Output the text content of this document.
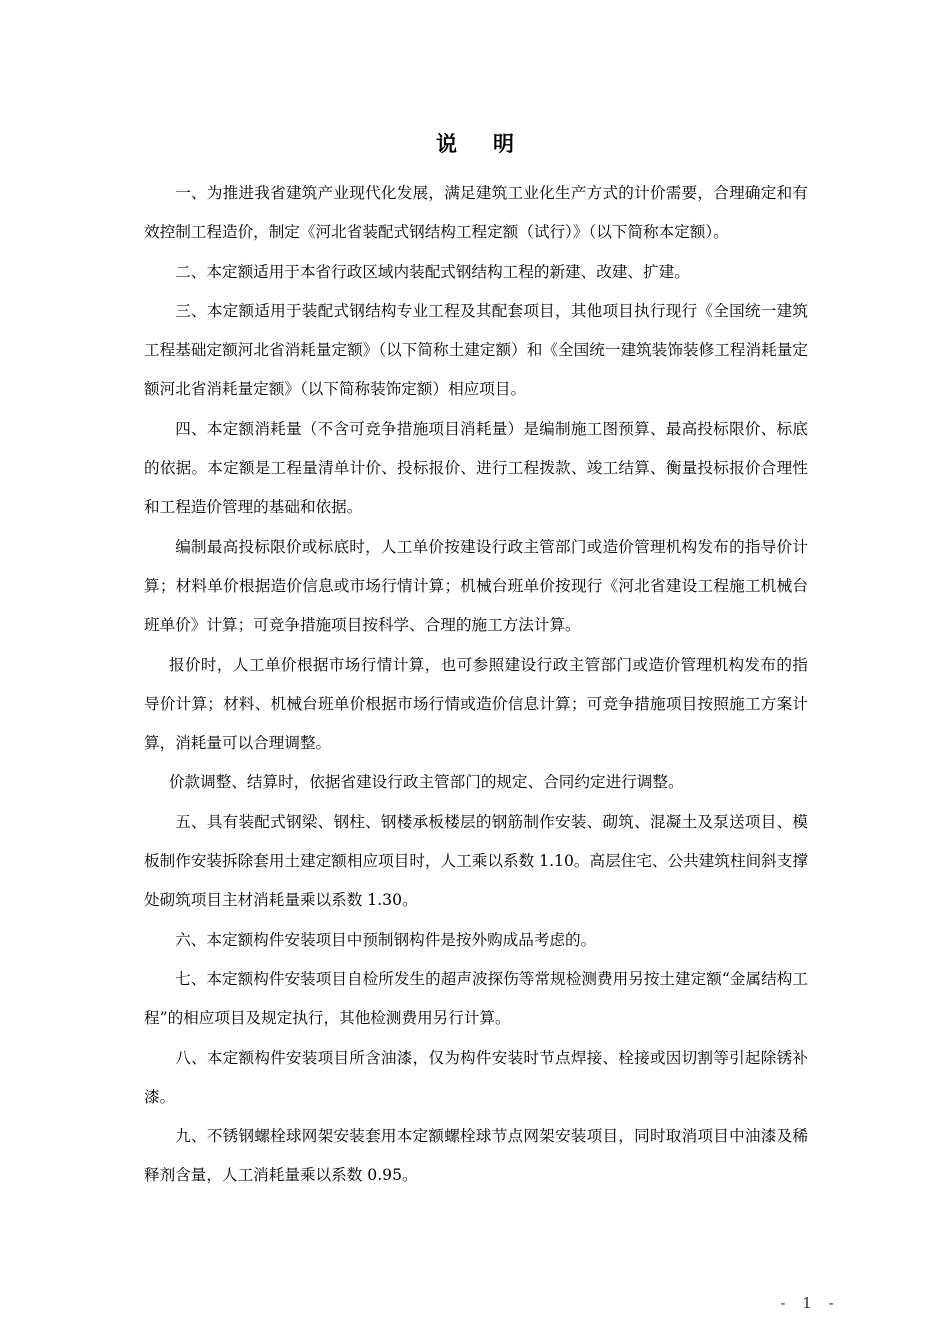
说明

一、为推进我省建筑产业现代化发展，满足建筑工业化生产方式的计价需要，合理确定和有效控制工程造价，制定《河北省装配式钢结构工程定额（试行）》（以下简称本定额）。

二、本定额适用于本省行政区域内装配式钢结构工程的新建、改建、扩建。

三、本定额适用于装配式钢结构专业工程及其配套项目，其他项目执行现行《全国统一建筑工程基础定额河北省消耗量定额》（以下简称土建定额）和《全国统一建筑装饰装修工程消耗量定额河北省消耗量定额》（以下简称装饰定额）相应项目。

四、本定额消耗量（不含可竞争措施项目消耗量）是编制施工图预算、最高投标限价、标底的依据。本定额是工程量清单计价、投标报价、进行工程拨款、竣工结算、衡量投标报价合理性和工程造价管理的基础和依据。

编制最高投标限价或标底时，人工单价按建设行政主管部门或造价管理机构发布的指导价计算；材料单价根据造价信息或市场行情计算；机械台班单价按现行《河北省建设工程施工机械台班单价》计算；可竞争措施项目按科学、合理的施工方法计算。

报价时，人工单价根据市场行情计算，也可参照建设行政主管部门或造价管理机构发布的指导价计算；材料、机械台班单价根据市场行情或造价信息计算；可竞争措施项目按照施工方案计算，消耗量可以合理调整。

价款调整、结算时，依据省建设行政主管部门的规定、合同约定进行调整。

五、具有装配式钢梁、钢柱、钢楼承板楼层的钢筋制作安装、砌筑、混凝土及泵送项目、模板制作安装拆除套用土建定额相应项目时，人工乘以系数 1.10。高层住宅、公共建筑柱间斜支撑处砌筑项目主材消耗量乘以系数 1.30。

六、本定额构件安装项目中预制钢构件是按外购成品考虑的。

七、本定额构件安装项目自检所发生的超声波探伤等常规检测费用另按土建定额“金属结构工程”的相应项目及规定执行，其他检测费用另行计算。

八、本定额构件安装项目所含油漆，仅为构件安装时节点焊接、栓接或因切割等引起除锈补漆。

九、不锈钢螺栓球网架安装套用本定额螺栓球节点网架安装项目，同时取消项目中油漆及稀释剂含量，人工消耗量乘以系数 0.95。

- 1 -
